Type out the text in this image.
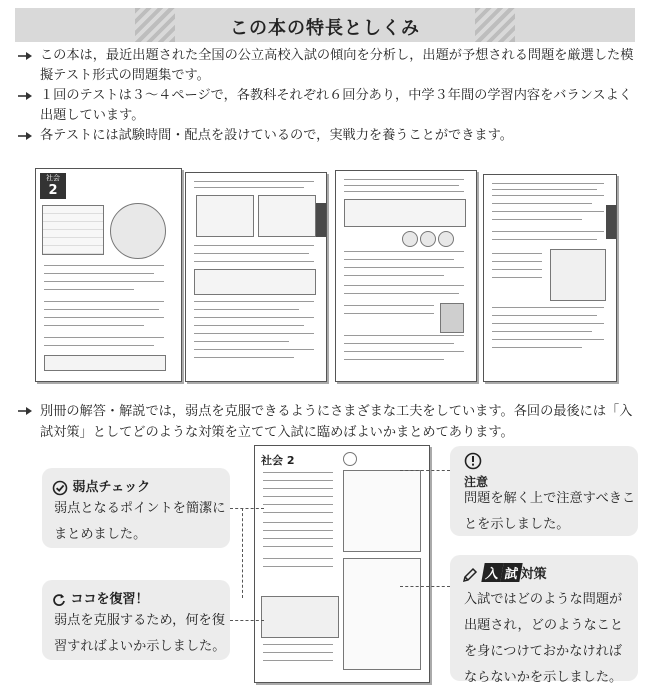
この本の特長としくみ

この本は，最近出題された全国の公立高校入試の傾向を分析し，出題が予想される問題を厳選した模擬テスト形式の問題集です。

１回のテストは３～４ページで，各教科それぞれ６回分あり，中学３年間の学習内容をバランスよく出題しています。

各テストには試験時間・配点を設けているので，実戦力を養うことができます。

社会
2

別冊の解答・解説では，弱点を克服できるようにさまざまな工夫をしています。各回の最後には「入試対策」としてどのような対策を立てて入試に臨めばよいかまとめてあります。

社会 2
弱点チェック
弱点となるポイントを簡潔にまとめました。
ココを復習！
弱点を克服するため，何を復習すればよいか示しました。
注意
問題を解く上で注意すべきことを示しました。
入 試 対策
入試ではどのような問題が出題され，どのようなことを身につけておかなければならないかを示しました。
